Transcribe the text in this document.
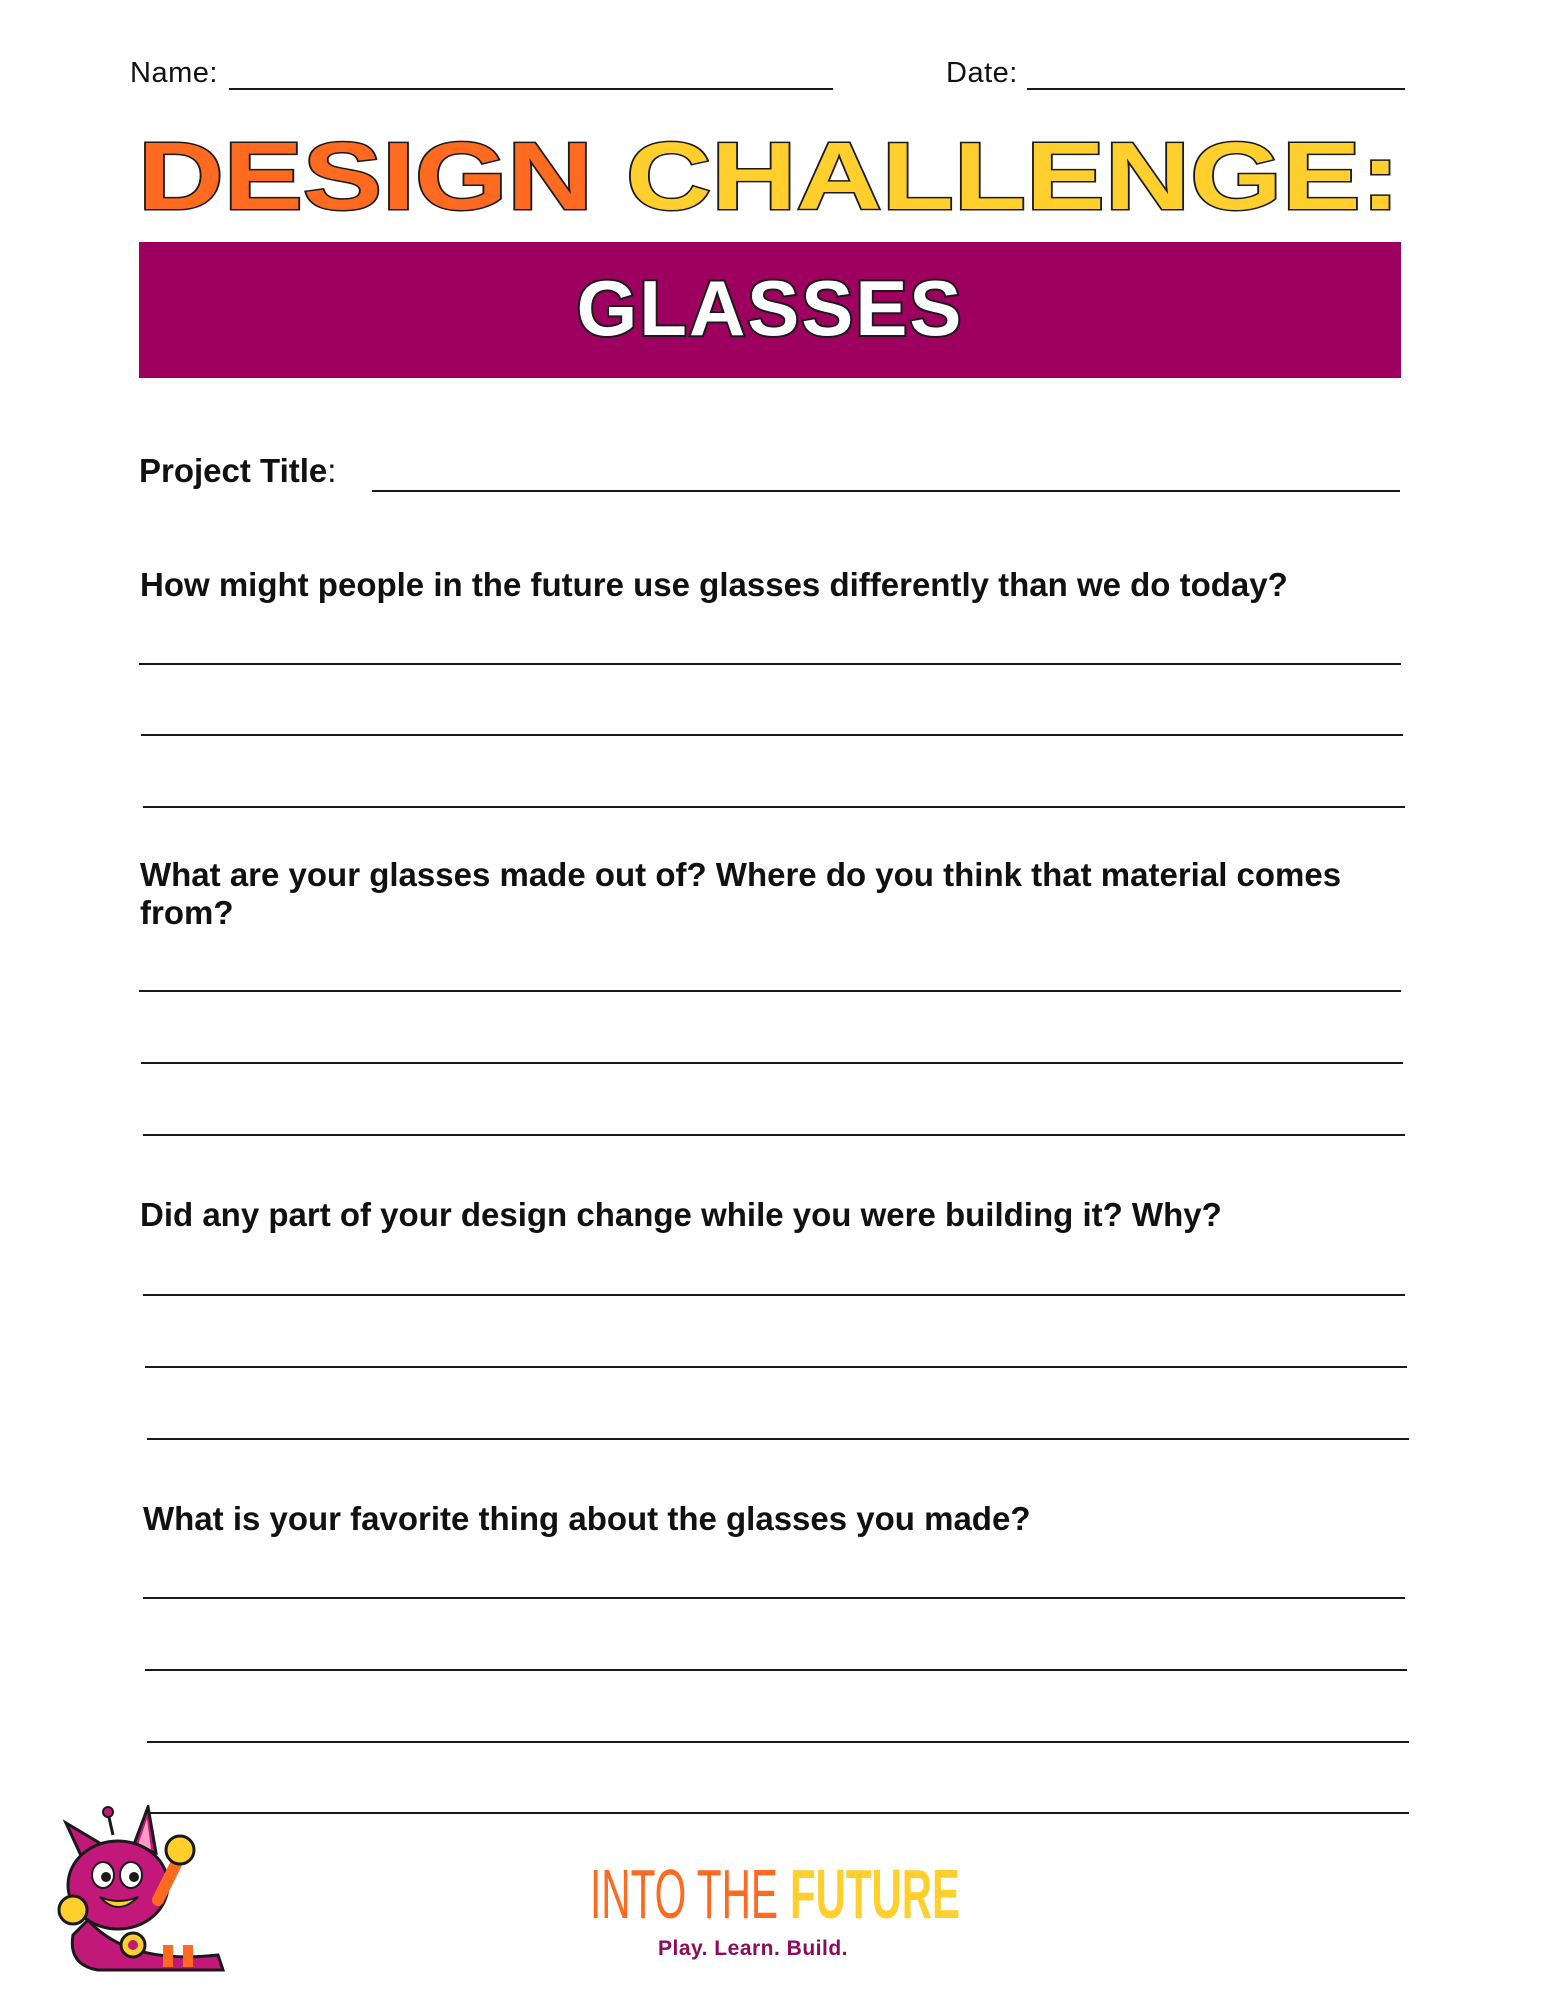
Name:	Date:
DESIGN CHALLENGE:
GLASSES
Project Title:
How might people in the future use glasses differently than we do today?
What are your glasses made out of? Where do you think that material comes from?
Did any part of your design change while you were building it? Why?
What is your favorite thing about the glasses you made?
INTO THE FUTURE
Play. Learn. Build.
